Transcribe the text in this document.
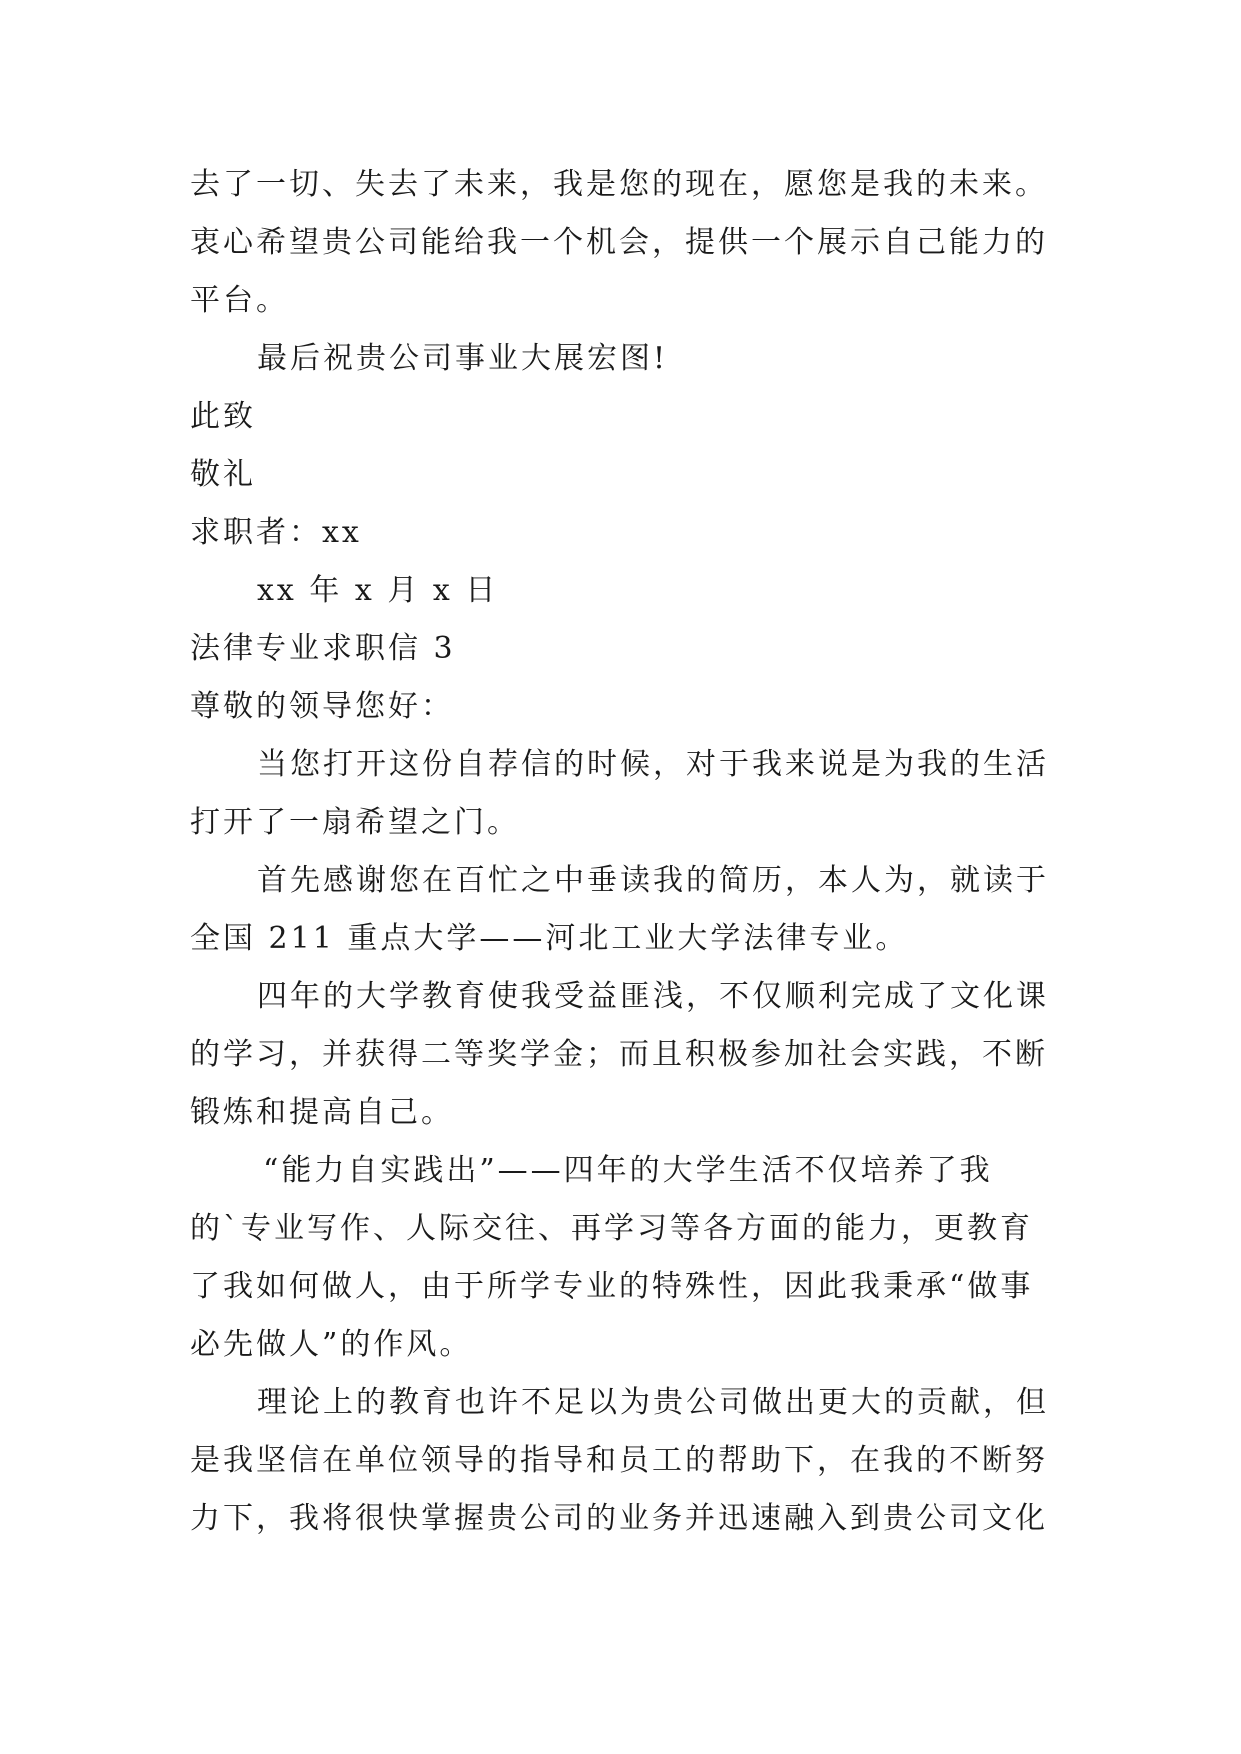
去了一切、失去了未来，我是您的现在，愿您是我的未来。
衷心希望贵公司能给我一个机会，提供一个展示自己能力的
平台。
最后祝贵公司事业大展宏图!
此致
敬礼
求职者：xx
xx 年 x 月 x 日
法律专业求职信 3
尊敬的领导您好：
当您打开这份自荐信的时候，对于我来说是为我的生活
打开了一扇希望之门。
首先感谢您在百忙之中垂读我的简历，本人为，就读于
全国 211 重点大学——河北工业大学法律专业。
四年的大学教育使我受益匪浅，不仅顺利完成了文化课
的学习，并获得二等奖学金；而且积极参加社会实践，不断
锻炼和提高自己。
“能力自实践出”——四年的大学生活不仅培养了我
的`专业写作、人际交往、再学习等各方面的能力，更教育
了我如何做人，由于所学专业的特殊性，因此我秉承“做事
必先做人”的作风。
理论上的教育也许不足以为贵公司做出更大的贡献，但
是我坚信在单位领导的指导和员工的帮助下，在我的不断努
力下，我将很快掌握贵公司的业务并迅速融入到贵公司文化
